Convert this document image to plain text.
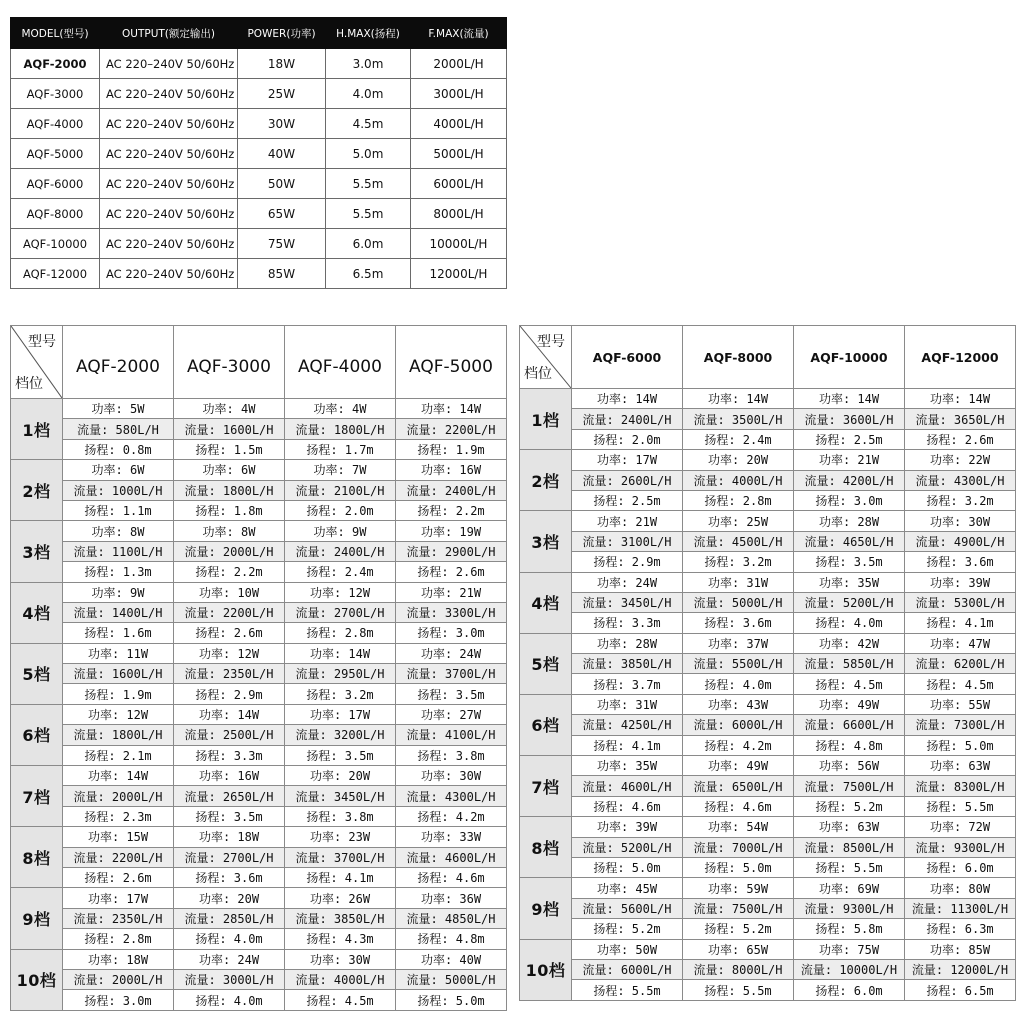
MODEL(型号)	OUTPUT(额定输出)	POWER(功率)	H.MAX(扬程)	F.MAX(流量)
AQF-2000	AC 220–240V 50/60Hz	18W	3.0m	2000L/H
AQF-3000	AC 220–240V 50/60Hz	25W	4.0m	3000L/H
AQF-4000	AC 220–240V 50/60Hz	30W	4.5m	4000L/H
AQF-5000	AC 220–240V 50/60Hz	40W	5.0m	5000L/H
AQF-6000	AC 220–240V 50/60Hz	50W	5.5m	6000L/H
AQF-8000	AC 220–240V 50/60Hz	65W	5.5m	8000L/H
AQF-10000	AC 220–240V 50/60Hz	75W	6.0m	10000L/H
AQF-12000	AC 220–240V 50/60Hz	85W	6.5m	12000L/H
型号
档位	AQF-2000	AQF-3000	AQF-4000	AQF-5000
1档	功率: 5W	功率: 4W	功率: 4W	功率: 14W
	流量: 580L/H	流量: 1600L/H	流量: 1800L/H	流量: 2200L/H
	扬程: 0.8m	扬程: 1.5m	扬程: 1.7m	扬程: 1.9m
2档	功率: 6W	功率: 6W	功率: 7W	功率: 16W
	流量: 1000L/H	流量: 1800L/H	流量: 2100L/H	流量: 2400L/H
	扬程: 1.1m	扬程: 1.8m	扬程: 2.0m	扬程: 2.2m
3档	功率: 8W	功率: 8W	功率: 9W	功率: 19W
	流量: 1100L/H	流量: 2000L/H	流量: 2400L/H	流量: 2900L/H
	扬程: 1.3m	扬程: 2.2m	扬程: 2.4m	扬程: 2.6m
4档	功率: 9W	功率: 10W	功率: 12W	功率: 21W
	流量: 1400L/H	流量: 2200L/H	流量: 2700L/H	流量: 3300L/H
	扬程: 1.6m	扬程: 2.6m	扬程: 2.8m	扬程: 3.0m
5档	功率: 11W	功率: 12W	功率: 14W	功率: 24W
	流量: 1600L/H	流量: 2350L/H	流量: 2950L/H	流量: 3700L/H
	扬程: 1.9m	扬程: 2.9m	扬程: 3.2m	扬程: 3.5m
6档	功率: 12W	功率: 14W	功率: 17W	功率: 27W
	流量: 1800L/H	流量: 2500L/H	流量: 3200L/H	流量: 4100L/H
	扬程: 2.1m	扬程: 3.3m	扬程: 3.5m	扬程: 3.8m
7档	功率: 14W	功率: 16W	功率: 20W	功率: 30W
	流量: 2000L/H	流量: 2650L/H	流量: 3450L/H	流量: 4300L/H
	扬程: 2.3m	扬程: 3.5m	扬程: 3.8m	扬程: 4.2m
8档	功率: 15W	功率: 18W	功率: 23W	功率: 33W
	流量: 2200L/H	流量: 2700L/H	流量: 3700L/H	流量: 4600L/H
	扬程: 2.6m	扬程: 3.6m	扬程: 4.1m	扬程: 4.6m
9档	功率: 17W	功率: 20W	功率: 26W	功率: 36W
	流量: 2350L/H	流量: 2850L/H	流量: 3850L/H	流量: 4850L/H
	扬程: 2.8m	扬程: 4.0m	扬程: 4.3m	扬程: 4.8m
10档	功率: 18W	功率: 24W	功率: 30W	功率: 40W
	流量: 2000L/H	流量: 3000L/H	流量: 4000L/H	流量: 5000L/H
	扬程: 3.0m	扬程: 4.0m	扬程: 4.5m	扬程: 5.0m
型号
档位	AQF-6000	AQF-8000	AQF-10000	AQF-12000
1档	功率: 14W	功率: 14W	功率: 14W	功率: 14W
	流量: 2400L/H	流量: 3500L/H	流量: 3600L/H	流量: 3650L/H
	扬程: 2.0m	扬程: 2.4m	扬程: 2.5m	扬程: 2.6m
2档	功率: 17W	功率: 20W	功率: 21W	功率: 22W
	流量: 2600L/H	流量: 4000L/H	流量: 4200L/H	流量: 4300L/H
	扬程: 2.5m	扬程: 2.8m	扬程: 3.0m	扬程: 3.2m
3档	功率: 21W	功率: 25W	功率: 28W	功率: 30W
	流量: 3100L/H	流量: 4500L/H	流量: 4650L/H	流量: 4900L/H
	扬程: 2.9m	扬程: 3.2m	扬程: 3.5m	扬程: 3.6m
4档	功率: 24W	功率: 31W	功率: 35W	功率: 39W
	流量: 3450L/H	流量: 5000L/H	流量: 5200L/H	流量: 5300L/H
	扬程: 3.3m	扬程: 3.6m	扬程: 4.0m	扬程: 4.1m
5档	功率: 28W	功率: 37W	功率: 42W	功率: 47W
	流量: 3850L/H	流量: 5500L/H	流量: 5850L/H	流量: 6200L/H
	扬程: 3.7m	扬程: 4.0m	扬程: 4.5m	扬程: 4.5m
6档	功率: 31W	功率: 43W	功率: 49W	功率: 55W
	流量: 4250L/H	流量: 6000L/H	流量: 6600L/H	流量: 7300L/H
	扬程: 4.1m	扬程: 4.2m	扬程: 4.8m	扬程: 5.0m
7档	功率: 35W	功率: 49W	功率: 56W	功率: 63W
	流量: 4600L/H	流量: 6500L/H	流量: 7500L/H	流量: 8300L/H
	扬程: 4.6m	扬程: 4.6m	扬程: 5.2m	扬程: 5.5m
8档	功率: 39W	功率: 54W	功率: 63W	功率: 72W
	流量: 5200L/H	流量: 7000L/H	流量: 8500L/H	流量: 9300L/H
	扬程: 5.0m	扬程: 5.0m	扬程: 5.5m	扬程: 6.0m
9档	功率: 45W	功率: 59W	功率: 69W	功率: 80W
	流量: 5600L/H	流量: 7500L/H	流量: 9300L/H	流量: 11300L/H
	扬程: 5.2m	扬程: 5.2m	扬程: 5.8m	扬程: 6.3m
10档	功率: 50W	功率: 65W	功率: 75W	功率: 85W
	流量: 6000L/H	流量: 8000L/H	流量: 10000L/H	流量: 12000L/H
	扬程: 5.5m	扬程: 5.5m	扬程: 6.0m	扬程: 6.5m
